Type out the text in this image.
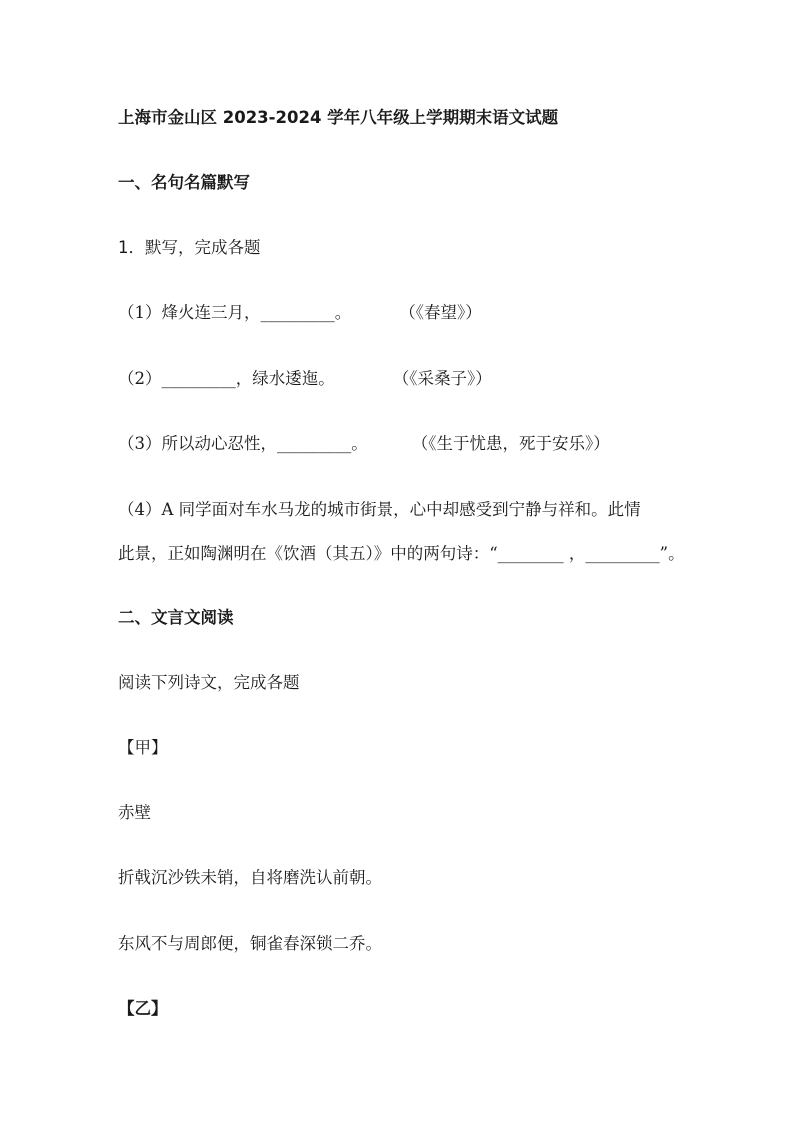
上海市金山区 2023-2024 学年八年级上学期期末语文试题

一、名句名篇默写

1．默写，完成各题

（1）烽火连三月，_________。	（《春望》）

（2）_________，绿水逶迤。	（《采桑子》）

（3）所以动心忍性，_________。	（《生于忧患，死于安乐》）

（4）A 同学面对车水马龙的城市街景，心中却感受到宁静与祥和。此情

此景，正如陶渊明在《饮酒（其五）》中的两句诗：“________ ，_________”。

二、文言文阅读

阅读下列诗文，完成各题

【甲】

赤壁

折戟沉沙铁未销，自将磨洗认前朝。

东风不与周郎便，铜雀春深锁二乔。

【乙】
